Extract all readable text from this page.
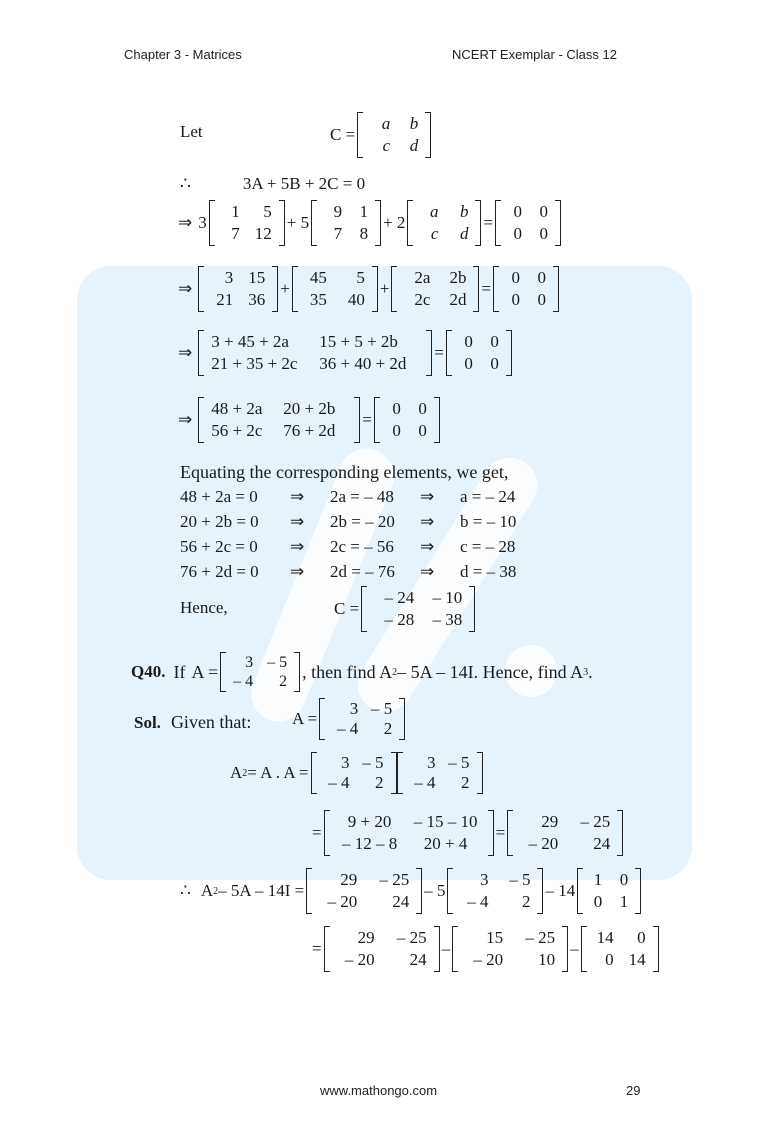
Chapter 3 - Matrices	NCERT Exemplar - Class 12
Let	C =
a	b
c	d
∴	3A + 5B + 2C = 0
⇒ 3
1	5
7 12
+ 5
9	1
7	8
+ 2
a	b
c	d
=
0	0
0	0
⇒
3 15
21 36
+
45	5
35	40
+
2a	2b
2c	2d
=
0	0
0	0
⇒
3 + 45 + 2a	15 + 5 + 2b
21 + 35 + 2c	36 + 40 + 2d
=
0	0
0	0
⇒
48 + 2a	20 + 2b
56 + 2c	76 + 2d
=
0	0
0	0
Equating the corresponding elements, we get,
48 + 2a = 0	⇒	2a = – 48	⇒	a = – 24
20 + 2b = 0	⇒	2b = – 20	⇒	b = – 10
56 + 2c = 0	⇒	2c = – 56	⇒	c = – 28
76 + 2d = 0	⇒	2d = – 76	⇒	d = – 38
Hence,	C =
– 24	– 10
– 28	– 38
Q40. If A =	3 – 5
– 4	2 , then find A 2 – 5A – 14I. Hence, find A 3 .
Sol. Given that: A =
3 – 5
– 4	2
A 2 = A . A =
3 – 5
– 4	2
3 – 5
– 4	2
=
9 + 20	– 15 – 10
– 12 – 8	20 + 4
=
29	– 25
– 20	24
∴ A 2 – 5A – 14I =
29	– 25
– 20	24
– 5
3	– 5
– 4	2
– 14
1	0
0	1
=
29	– 25
– 20	24
–
15	– 25
– 20	10
–
14	0
0 14
www.mathongo.com	29
